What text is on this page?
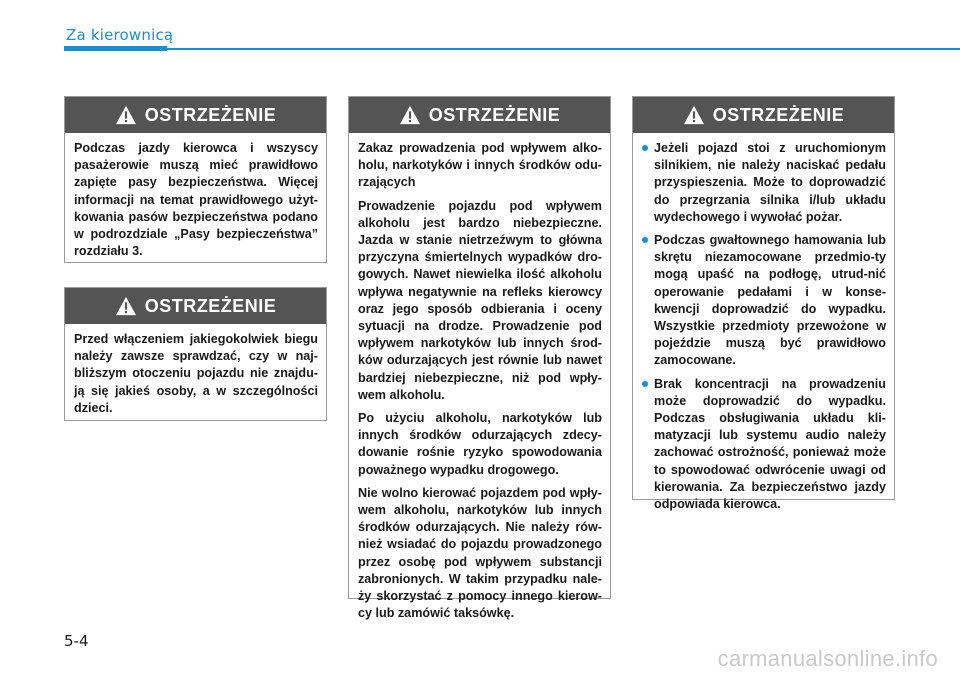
Za kierownicą
OSTRZEŻENIE

Podczas jazdy kierowca i wszyscy pasażerowie muszą mieć prawidłowo zapięte pasy bezpieczeństwa. Więcej informacji na temat prawidłowego użyt-kowania pasów bezpieczeństwa podano w podrozdziale „Pasy bezpieczeństwa” rozdziału 3.

OSTRZEŻENIE

Przed włączeniem jakiegokolwiek biegu należy zawsze sprawdzać, czy w naj-bliższym otoczeniu pojazdu nie znajdu-ją się jakieś osoby, a w szczególności dzieci.

OSTRZEŻENIE

Zakaz prowadzenia pod wpływem alko-holu, narkotyków i innych środków odu-rzających

Prowadzenie pojazdu pod wpływem alkoholu jest bardzo niebezpieczne. Jazda w stanie nietrzeźwym to główna przyczyna śmiertelnych wypadków dro-gowych. Nawet niewielka ilość alkoholu wpływa negatywnie na refleks kierowcy oraz jego sposób odbierania i oceny sytuacji na drodze. Prowadzenie pod wpływem narkotyków lub innych środ-ków odurzających jest równie lub nawet bardziej niebezpieczne, niż pod wpły-wem alkoholu.

Po użyciu alkoholu, narkotyków lub innych środków odurzających zdecy-dowanie rośnie ryzyko spowodowania poważnego wypadku drogowego.

Nie wolno kierować pojazdem pod wpły-wem alkoholu, narkotyków lub innych środków odurzających. Nie należy rów-nież wsiadać do pojazdu prowadzonego przez osobę pod wpływem substancji zabronionych. W takim przypadku nale-ży skorzystać z pomocy innego kierow-cy lub zamówić taksówkę.

OSTRZEŻENIE
Jeżeli pojazd stoi z uruchomionym silnikiem, nie należy naciskać pedału przyspieszenia. Może to doprowadzić do przegrzania silnika i/lub układu wydechowego i wywołać pożar.
Podczas gwałtownego hamowania lub skrętu niezamocowane przedmio-ty mogą upaść na podłogę, utrud-nić operowanie pedałami i w konse-kwencji doprowadzić do wypadku. Wszystkie przedmioty przewożone w pojeździe muszą być prawidłowo zamocowane.
Brak koncentracji na prowadzeniu może doprowadzić do wypadku. Podczas obsługiwania układu kli-matyzacji lub systemu audio należy zachować ostrożność, ponieważ może to spowodować odwrócenie uwagi od kierowania. Za bezpieczeństwo jazdy odpowiada kierowca.
5-4
carmanualsonline.info
